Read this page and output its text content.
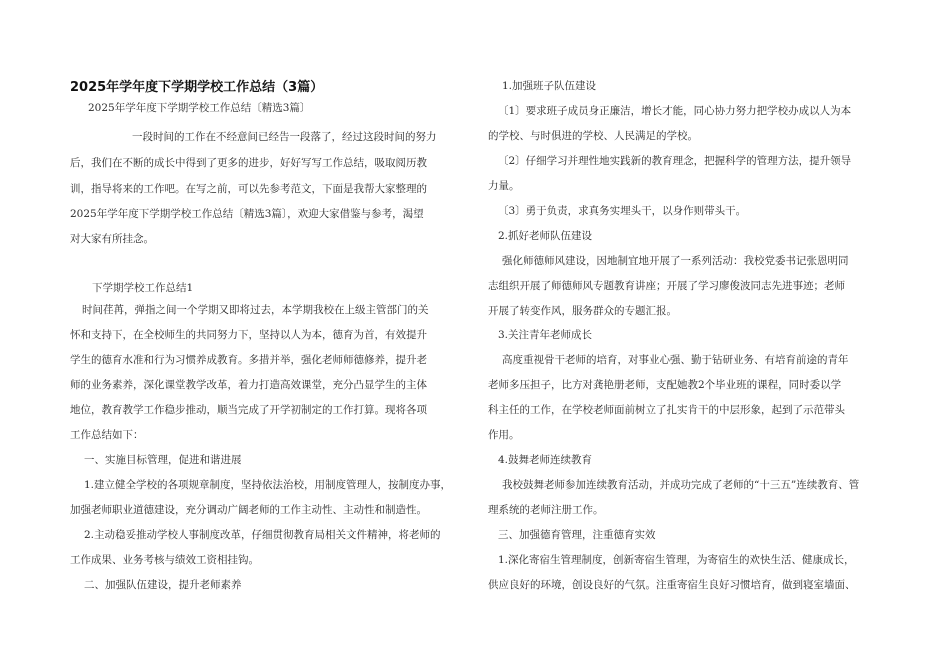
2025年学年度下学期学校工作总结（3篇）
2025年学年度下学期学校工作总结〔精选3篇〕
一段时间的工作在不经意间已经告一段落了，经过这段时间的努力
后，我们在不断的成长中得到了更多的进步，好好写写工作总结，吸取阅历教
训，指导将来的工作吧。在写之前，可以先参考范文，下面是我帮大家整理的
2025年学年度下学期学校工作总结〔精选3篇〕，欢迎大家借鉴与参考，渴望
对大家有所挂念。
下学期学校工作总结1
时间荏苒，弹指之间一个学期又即将过去，本学期我校在上级主管部门的关
怀和支持下，在全校师生的共同努力下，坚持以人为本，德育为首，有效提升
学生的德育水准和行为习惯养成教育。多措并举，强化老师师德修养，提升老
师的业务素养，深化课堂教学改革，着力打造高效课堂，充分凸显学生的主体
地位，教育教学工作稳步推动，顺当完成了开学初制定的工作打算。现将各项
工作总结如下：
一、实施目标管理，促进和谐进展
1.建立健全学校的各项规章制度，坚持依法治校，用制度管理人，按制度办事，
加强老师职业道德建设，充分调动广阔老师的工作主动性、主动性和制造性。
2.主动稳妥推动学校人事制度改革，仔细贯彻教育局相关文件精神，将老师的
工作成果、业务考核与绩效工资相挂钩。
二、加强队伍建设，提升老师素养
1.加强班子队伍建设
〔1〕要求班子成员身正廉洁，增长才能，同心协力努力把学校办成以人为本
的学校、与时俱进的学校、人民满足的学校。
〔2〕仔细学习并理性地实践新的教育理念，把握科学的管理方法，提升领导
力量。
〔3〕勇于负责，求真务实埋头干，以身作则带头干。
2.抓好老师队伍建设
强化师德师风建设，因地制宜地开展了一系列活动：我校党委书记张恩明同
志组织开展了师德师风专题教育讲座；开展了学习廖俊波同志先进事迹；老师
开展了转变作风，服务群众的专题汇报。
3.关注青年老师成长
高度重视骨干老师的培育，对事业心强、勤于钻研业务、有培育前途的青年
老师多压担子，比方对龚艳册老师，支配她教2个毕业班的课程，同时委以学
科主任的工作，在学校老师面前树立了扎实肯干的中层形象，起到了示范带头
作用。
4.鼓舞老师连续教育
我校鼓舞老师参加连续教育活动，并成功完成了老师的“十三五”连续教育、管
理系统的老师注册工作。
三、加强德育管理，注重德育实效
1.深化寄宿生管理制度，创新寄宿生管理，为寄宿生的欢快生活、健康成长，
供应良好的环境，创设良好的气氛。注重寄宿生良好习惯培育，做到寝室墙面、
